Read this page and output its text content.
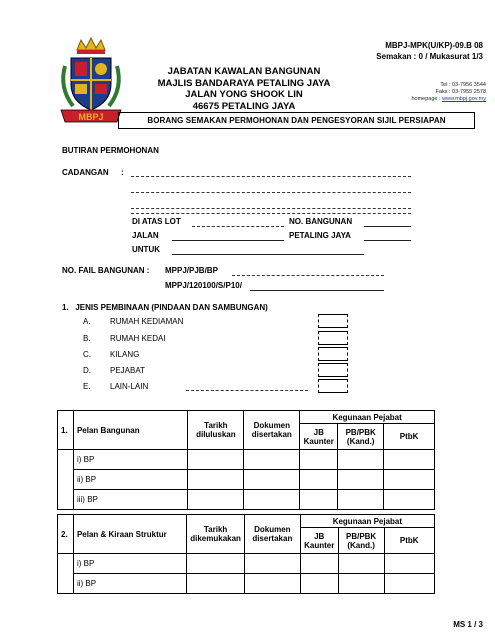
MBPJ
MBPJ-MPK(U/KP)-09.B 08
Semakan : 0 / Mukasurat 1/3
JABATAN KAWALAN BANGUNAN
MAJLIS BANDARAYA PETALING JAYA
JALAN YONG SHOOK LIN
46675 PETALING JAYA
Tel : 03-7956 3544
Faks : 03-7955 2578
homepage : www.mbpj.gov.my
BORANG SEMAKAN PERMOHONAN DAN PENGESYORAN SIJIL PERSIAPAN
BUTIRAN PERMOHONAN
CADANGAN :
DI ATAS LOT	NO. BANGUNAN
JALAN	PETALING JAYA
UNTUK
NO. FAIL BANGUNAN : MPPJ/PJB/BP
MPPJ/120100/S/P10/
1.   JENIS PEMBINAAN (PINDAAN DAN SAMBUNGAN)
A. RUMAH KEDIAMAN
B. RUMAH KEDAI
C. KILANG
D. PEJABAT
E. LAIN-LAIN
1.	Pelan Bangunan	Tarikh diluluskan	Dokumen disertakan	Kegunaan Pejabat		
				JB Kaunter	PB/PBK (Kand.)	PtbK
	i) BP					
	ii) BP					
	iii) BP					
2.	Pelan & Kiraan Struktur	Tarikh dikemukakan	Dokumen disertakan	Kegunaan Pejabat		
				JB Kaunter	PB/PBK (Kand.)	PtbK
	i) BP					
	ii) BP					
MS 1 / 3
